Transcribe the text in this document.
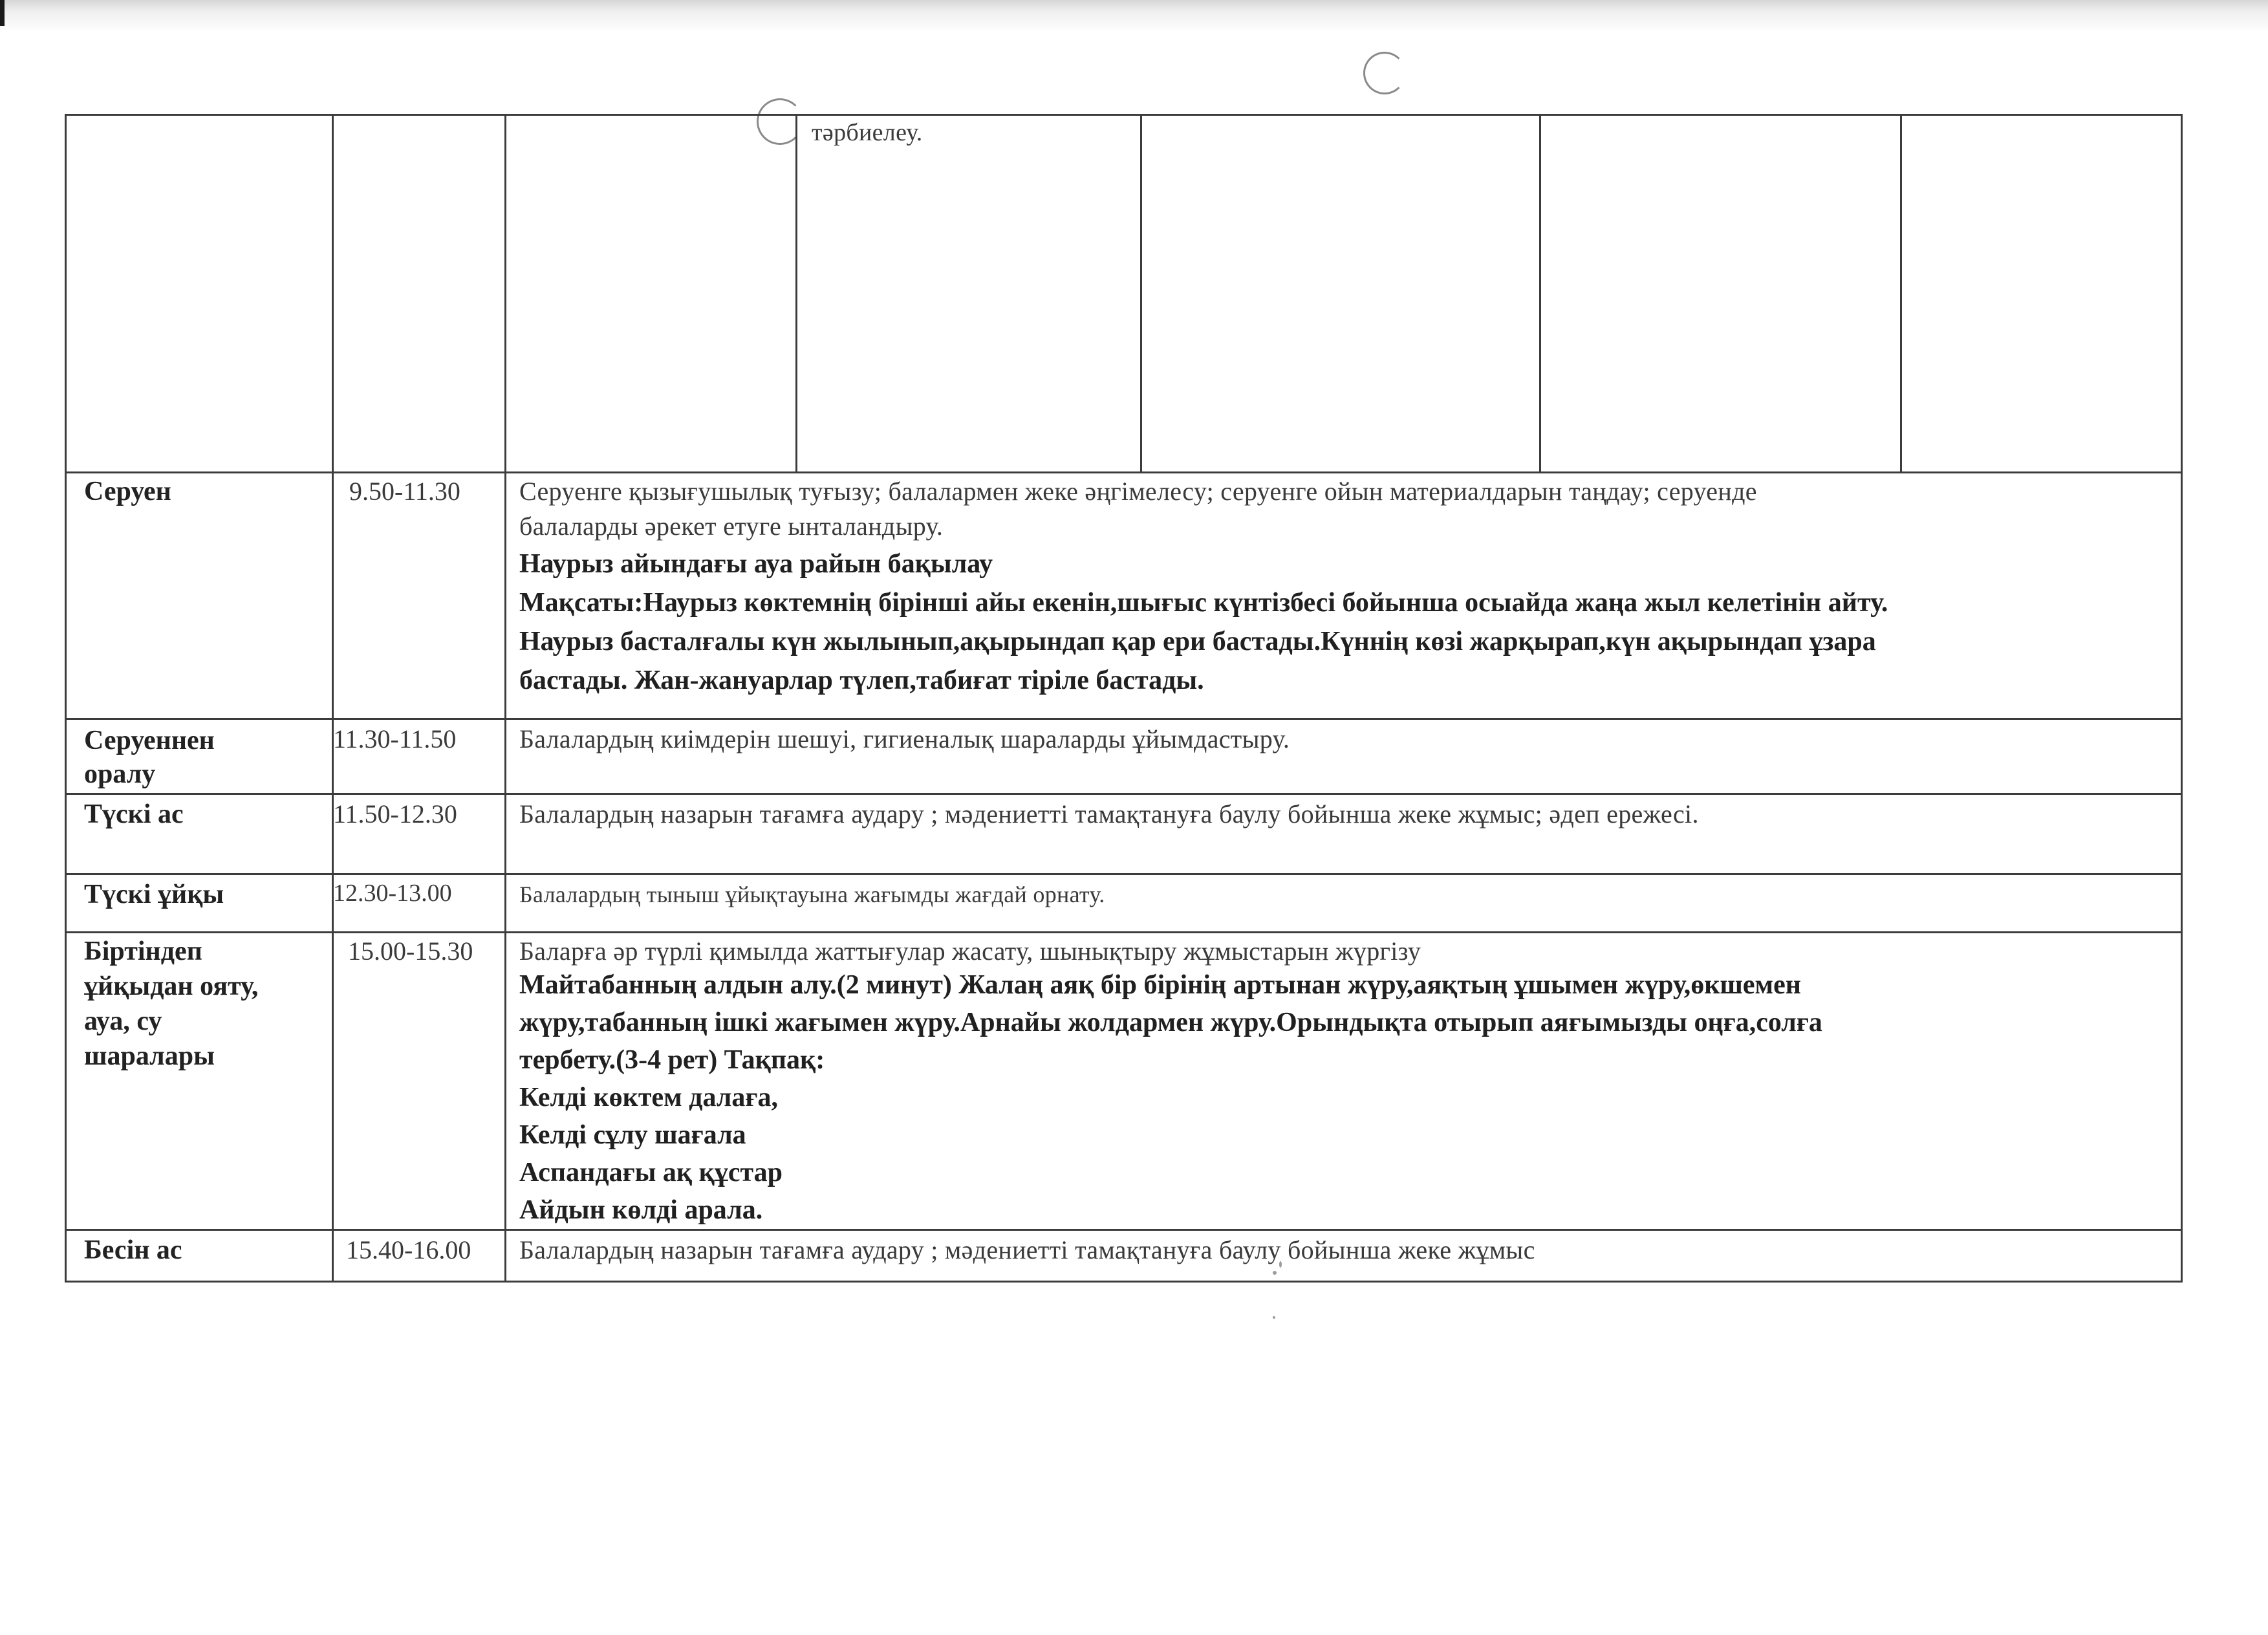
тәрбиелеу.
Серуен	9.50-11.30 Серуенге қызығушылық туғызу; балалармен жеке әңгімелесу; серуенге ойын материалдарын таңдау; серуенде
балаларды әрекет етуге ынталандыру.
Наурыз айындағы ауа райын бақылау
Мақсаты:Наурыз көктемнің бірінші айы екенін,шығыс күнтізбесі бойынша осыайда жаңа жыл келетінін айту.
Наурыз басталғалы күн жылынып,ақырындап қар ери бастады.Күннің көзі жарқырап,күн ақырындап ұзара
бастады. Жан-жануарлар түлеп,табиғат тіріле бастады.
Серуеннен
оралу
11.30-11.50 Балалардың киімдерін шешуі, гигиеналық шараларды ұйымдастыру.
Түскі ас	11.50-12.30 Балалардың назарын тағамға аудару ; мәдениетті тамақтануға баулу бойынша жеке жұмыс; әдеп ережесі.
Түскі ұйқы	12.30-13.00	Балалардың тыныш ұйықтауына жағымды жағдай орнату.
Біртіндеп
ұйқыдан ояту,
ауа, су
шаралары
15.00-15.30 Баларға әр түрлі қимылда жаттығулар жасату, шынықтыру жұмыстарын жүргізу
Майтабанның алдын алу.(2 минут) Жалаң аяқ бір бірінің артынан жүру,аяқтың ұшымен жүру,өкшемен
жүру,табанның ішкі жағымен жүру.Арнайы жолдармен жүру.Орындықта отырып аяғымызды оңға,солға
тербету.(3-4 рет) Тақпақ:
Келді көктем далаға,
Келді сұлу шағала
Аспандағы ақ құстар
Айдын көлді арала.
Бесін ас	15.40-16.00 Балалардың назарын тағамға аудару ; мәдениетті тамақтануға баулу бойынша жеке жұмыс
